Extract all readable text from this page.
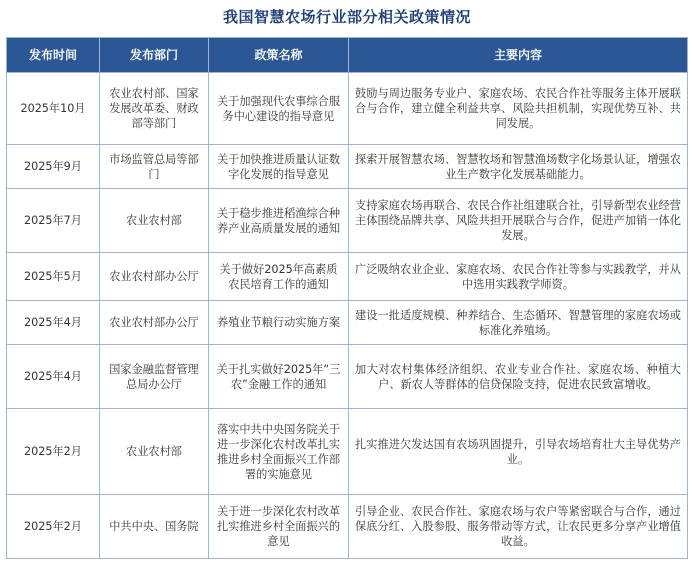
我国智慧农场行业部分相关政策情况
发布时间	发布部门	政策名称	主要内容
2025年10月	农业农村部、国家发展改革委、财政部等部门	关于加强现代农事综合服务中心建设的指导意见	鼓励与周边服务专业户、家庭农场、农民合作社等服务主体开展联合与合作，建立健全利益共享、风险共担机制，实现优势互补、共同发展。
2025年9月	市场监管总局等部门	关于加快推进质量认证数字化发展的指导意见	探索开展智慧农场、智慧牧场和智慧渔场数字化场景认证，增强农业生产数字化发展基础能力。
2025年7月	农业农村部	关于稳步推进稻渔综合种养产业高质量发展的通知	支持家庭农场再联合、农民合作社组建联合社，引导新型农业经营主体围绕品牌共享、风险共担开展联合与合作，促进产加销一体化发展。
2025年5月	农业农村部办公厅	关于做好2025年高素质农民培育工作的通知	广泛吸纳农业企业、家庭农场、农民合作社等参与实践教学，并从中选用实践教学师资。
2025年4月	农业农村部办公厅	养殖业节粮行动实施方案	建设一批适度规模、种养结合、生态循环、智慧管理的家庭农场或标准化养殖场。
2025年4月	国家金融监督管理总局办公厅	关于扎实做好2025年“三农”金融工作的通知	加大对农村集体经济组织、农业专业合作社、家庭农场、种植大户、新农人等群体的信贷保险支持，促进农民致富增收。
2025年2月	农业农村部	落实中共中央国务院关于进一步深化农村改革扎实推进乡村全面振兴工作部署的实施意见	扎实推进欠发达国有农场巩固提升，引导农场培育壮大主导优势产业。
2025年2月	中共中央、国务院	关于进一步深化农村改革 扎实推进乡村全面振兴的意见	引导企业、农民合作社、家庭农场与农户等紧密联合与合作，通过保底分红、入股参股、服务带动等方式，让农民更多分享产业增值收益。
